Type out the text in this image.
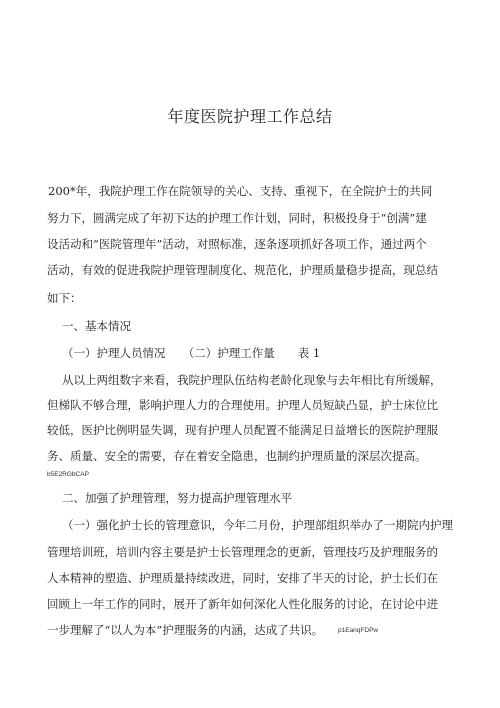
年度医院护理工作总结
200*年，我院护理工作在院领导的关心、支持、重视下，在全院护士的共同
努力下，圆满完成了年初下达的护理工作计划，同时，积极投身于“创满”建
设活动和“医院管理年”活动，对照标准，逐条逐项抓好各项工作，通过两个
活动，有效的促进我院护理管理制度化、规范化，护理质量稳步提高，现总结
如下：
一、基本情况
（一）护理人员情况　　（二）护理工作量　　表 1
从以上两组数字来看，我院护理队伍结构老龄化现象与去年相比有所缓解，
但梯队不够合理，影响护理人力的合理使用。护理人员短缺凸显，护士床位比
较低，医护比例明显失调，现有护理人员配置不能满足日益增长的医院护理服
务、质量、安全的需要，存在着安全隐患，也制约护理质量的深层次提高。
b5E2RGbCAP
二、加强了护理管理，努力提高护理管理水平
（一）强化护士长的管理意识，今年二月份，护理部组织举办了一期院内护理
管理培训班，培训内容主要是护士长管理理念的更新，管理技巧及护理服务的
人本精神的塑造、护理质量持续改进，同时，安排了半天的讨论，护士长们在
回顾上一年工作的同时，展开了新年如何深化人性化服务的讨论，在讨论中进
一步理解了“以人为本”护理服务的内涵，达成了共识。 p1EanqFDPw
